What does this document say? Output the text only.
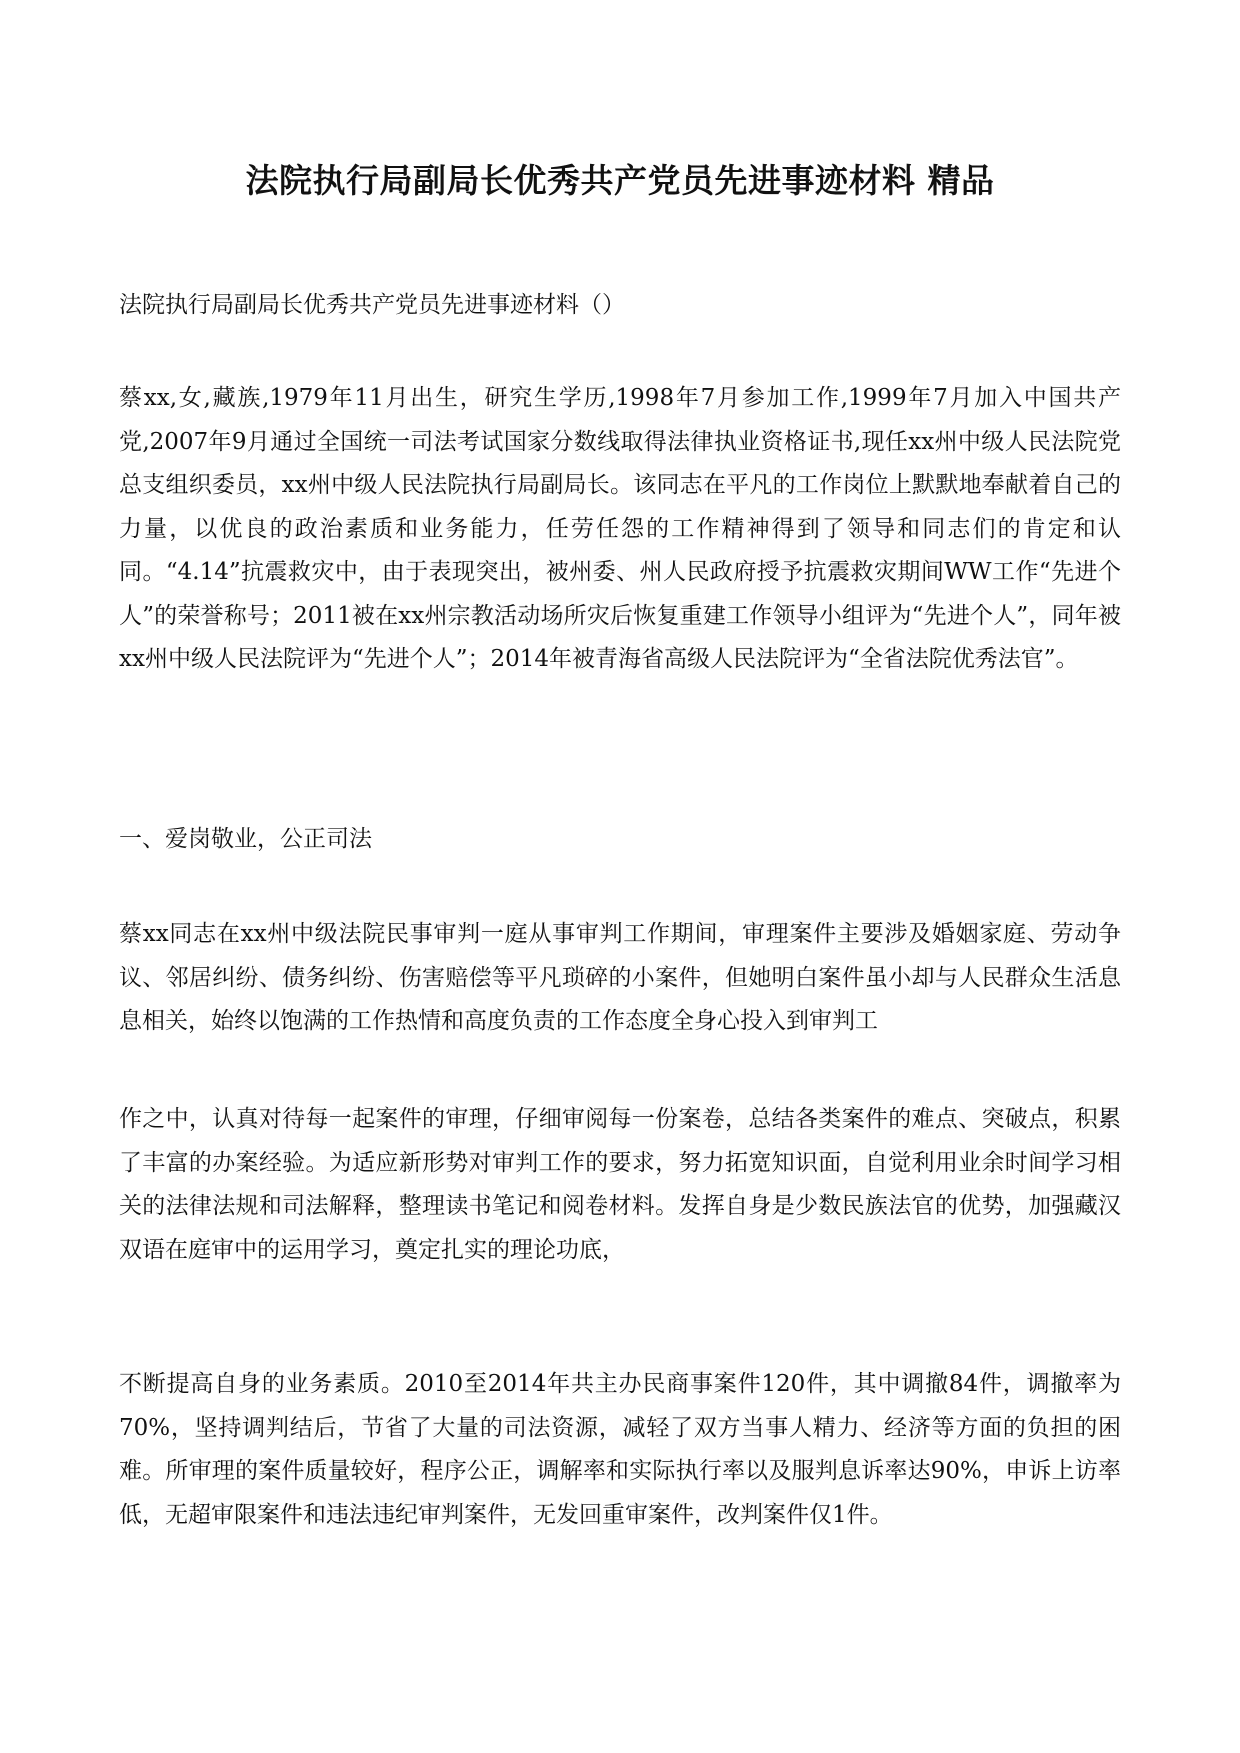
法院执行局副局长优秀共产党员先进事迹材料 精品

法院执行局副局长优秀共产党员先进事迹材料（）

蔡xx,女,藏族,1979年11月出生，研究生学历,1998年7月参加工作,1999年7月加入中国共产党,2007年9月通过全国统一司法考试国家分数线取得法律执业资格证书,现任xx州中级人民法院党总支组织委员，xx州中级人民法院执行局副局长。该同志在平凡的工作岗位上默默地奉献着自己的力量，以优良的政治素质和业务能力，任劳任怨的工作精神得到了领导和同志们的肯定和认同。“4.14”抗震救灾中，由于表现突出，被州委、州人民政府授予抗震救灾期间WW工作“先进个人”的荣誉称号；2011被在xx州宗教活动场所灾后恢复重建工作领导小组评为“先进个人”，同年被xx州中级人民法院评为“先进个人”；2014年被青海省高级人民法院评为“全省法院优秀法官”。

一、爱岗敬业，公正司法

蔡xx同志在xx州中级法院民事审判一庭从事审判工作期间，审理案件主要涉及婚姻家庭、劳动争议、邻居纠纷、债务纠纷、伤害赔偿等平凡琐碎的小案件，但她明白案件虽小却与人民群众生活息息相关，始终以饱满的工作热情和高度负责的工作态度全身心投入到审判工

作之中，认真对待每一起案件的审理，仔细审阅每一份案卷，总结各类案件的难点、突破点，积累了丰富的办案经验。为适应新形势对审判工作的要求，努力拓宽知识面，自觉利用业余时间学习相关的法律法规和司法解释，整理读书笔记和阅卷材料。发挥自身是少数民族法官的优势，加强藏汉双语在庭审中的运用学习，奠定扎实的理论功底，

不断提高自身的业务素质。2010至2014年共主办民商事案件120件，其中调撤84件，调撤率为70%，坚持调判结后，节省了大量的司法资源，减轻了双方当事人精力、经济等方面的负担的困难。所审理的案件质量较好，程序公正，调解率和实际执行率以及服判息诉率达90%，申诉上访率低，无超审限案件和违法违纪审判案件，无发回重审案件，改判案件仅1件。
